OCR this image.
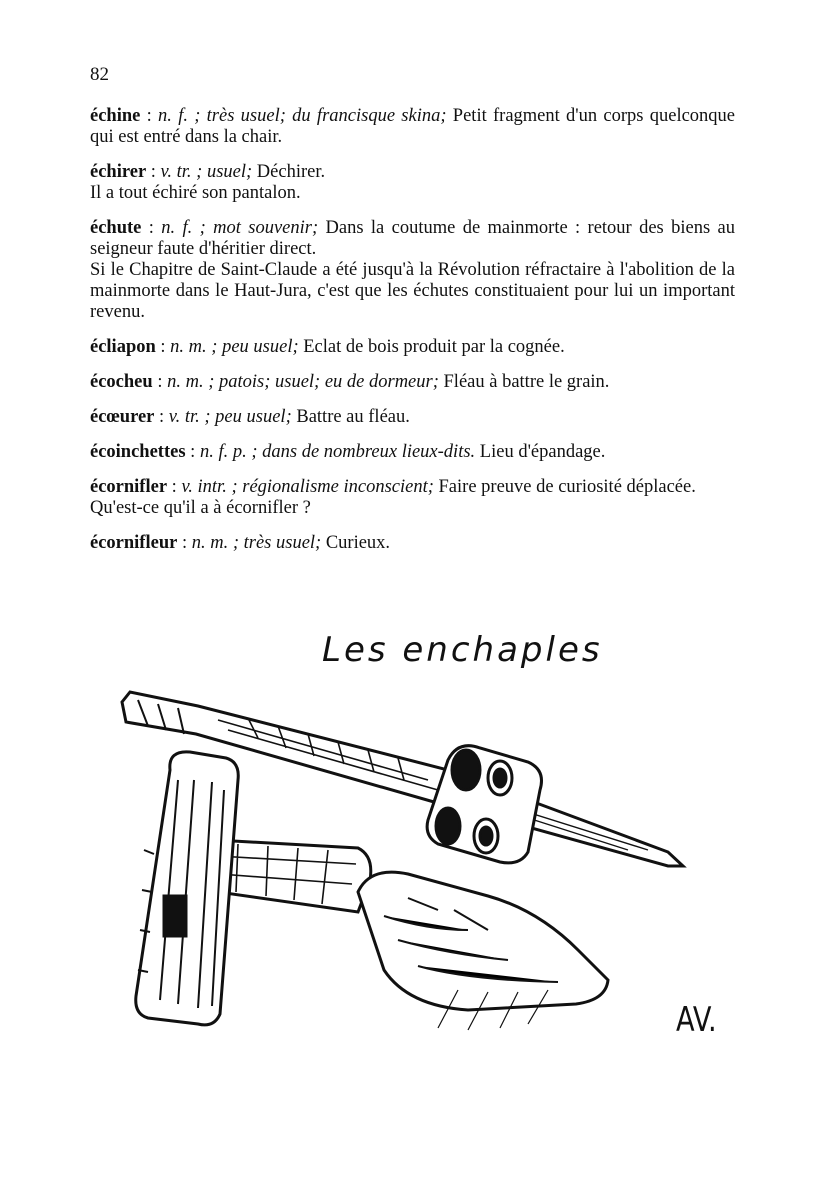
82
échine : n. f. ; très usuel; du francisque skina; Petit fragment d'un corps quelconque qui est entré dans la chair.
échirer : v. tr. ; usuel; Déchirer.
Il a tout échiré son pantalon.
échute : n. f. ; mot souvenir; Dans la coutume de mainmorte : retour des biens au seigneur faute d'héritier direct.
Si le Chapitre de Saint-Claude a été jusqu'à la Révolution réfractaire à l'abolition de la mainmorte dans le Haut-Jura, c'est que les échutes constituaient pour lui un important revenu.
écliapon : n. m. ; peu usuel; Eclat de bois produit par la cognée.
écocheu : n. m. ; patois; usuel; eu de dormeur; Fléau à battre le grain.
écœurer : v. tr. ; peu usuel; Battre au fléau.
écoinchettes : n. f. p. ; dans de nombreux lieux-dits. Lieu d'épandage.
écornifler : v. intr. ; régionalisme inconscient; Faire preuve de curiosité déplacée.
Qu'est-ce qu'il a à écornifler ?
écornifleur : n. m. ; très usuel; Curieux.
Les enchaples
AV.
